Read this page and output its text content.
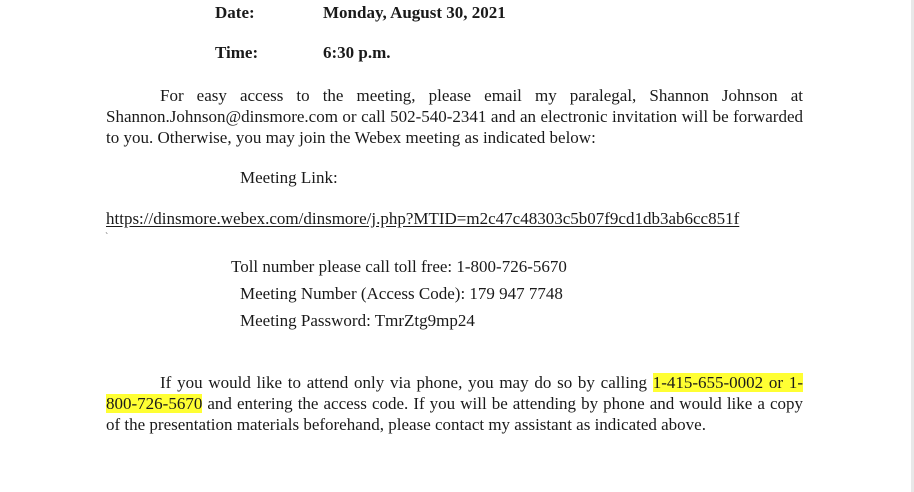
Date:	Monday, August 30, 2021
Time:	6:30 p.m.
For easy access to the meeting, please email my paralegal, Shannon Johnson at Shannon.Johnson@dinsmore.com or call 502-540-2341 and an electronic invitation will be forwarded to you. Otherwise, you may join the Webex meeting as indicated below:
Meeting Link:
https://dinsmore.webex.com/dinsmore/j.php?MTID=m2c47c48303c5b07f9cd1db3ab6cc851f
`
Toll number please call toll free: 1-800-726-5670
Meeting Number (Access Code): 179 947 7748
Meeting Password: TmrZtg9mp24
If you would like to attend only via phone, you may do so by calling 1-415-655-0002 or 1-800-726-5670 and entering the access code. If you will be attending by phone and would like a copy of the presentation materials beforehand, please contact my assistant as indicated above.
